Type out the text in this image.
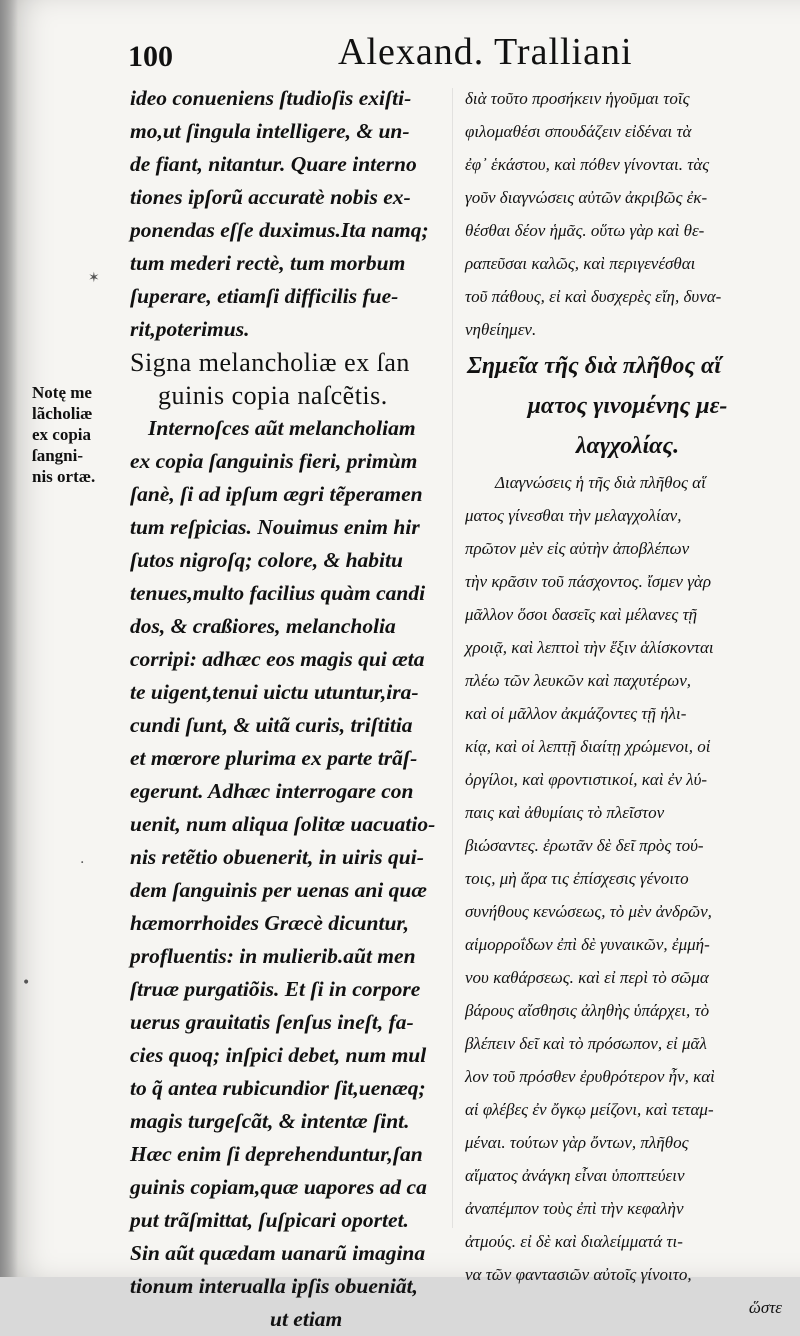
100	Alexand. Tralliani
Notę me
lãcholiæ
ex copia
ſangni-
nis ortæ.
ideo conueniens ſtudioſis exiſti-
mo,ut ſingula intelligere, & un-
de fiant, nitantur. Quare interno
tiones ipſorũ accuratè nobis ex-
ponendas eſſe duximus.Ita namq;
tum mederi rectè, tum morbum
ſuperare, etiamſi difficilis fue-
rit,poterimus.
Signa melancholiæ ex ſan
guinis copia naſcẽtis.
Internoſces aũt melancholiam
ex copia ſanguinis fieri, primùm
ſanè, ſi ad ipſum ægri tẽperamen
tum reſpicias. Nouimus enim hir
ſutos nigroſq; colore, & habitu
tenues,multo facilius quàm candi
dos, & craßiores, melancholia
corripi: adhæc eos magis qui æta
te uigent,tenui uictu utuntur,ira-
cundi ſunt, & uitã curis, triſtitia
et mœrore plurima ex parte trãſ-
egerunt. Adhæc interrogare con
uenit, num aliqua ſolitæ uacuatio-
nis retẽtio obuenerit, in uiris qui-
dem ſanguinis per uenas ani quæ
hæmorrhoides Græcè dicuntur,
profluentis: in mulierib.aũt men
ſtruæ purgatiõis. Et ſi in corpore
uerus grauitatis ſenſus ineſt, fa-
cies quoq; inſpici debet, num mul
to q̃ antea rubicundior ſit,uenæq;
magis turgeſcãt, & intentæ ſint.
Hæc enim ſi deprehenduntur,ſan
guinis copiam,quæ uapores ad ca
put trãſmittat, ſuſpicari oportet.
Sin aũt quædam uanarũ imagina
tionum interualla ipſis obueniãt,
ut etiam
διὰ τοῦτο προσήκειν ἡγοῦμαι τοῖς
φιλομαθέσι σπουδάζειν εἰδέναι τὰ
ἐφ᾽ ἑκάστου, καὶ πόθεν γίνονται. τὰς
γοῦν διαγνώσεις αὐτῶν ἀκριβῶς ἐκ-
θέσθαι δέον ἡμᾶς. οὕτω γὰρ καὶ θε-
ραπεῦσαι καλῶς, καὶ περιγενέσθαι
τοῦ πάθους, εἰ καὶ δυσχερὲς εἴη, δυνα-
νηθείημεν.
Σημεῖα τῆς διὰ πλῆθος αἵ
ματος γινομένης με-
λαγχολίας.
Διαγνώσεις ἡ τῆς διὰ πλῆθος αἵ
ματος γίνεσθαι τὴν μελαγχολίαν,
πρῶτον μὲν εἰς αὐτὴν ἀποβλέπων
τὴν κρᾶσιν τοῦ πάσχοντος. ἴσμεν γὰρ
μᾶλλον ὅσοι δασεῖς καὶ μέλανες τῇ
χροιᾷ, καὶ λεπτοὶ τὴν ἕξιν ἁλίσκονται
πλέω τῶν λευκῶν καὶ παχυτέρων,
καὶ οἱ μᾶλλον ἀκμάζοντες τῇ ἡλι-
κίᾳ, καὶ οἱ λεπτῇ διαίτῃ χρώμενοι, οἱ
ὀργίλοι, καὶ φροντιστικοί, καὶ ἐν λύ-
παις καὶ ἀθυμίαις τὸ πλεῖστον
βιώσαντες. ἐρωτᾶν δὲ δεῖ πρὸς τού-
τοις, μὴ ἄρα τις ἐπίσχεσις γένοιτο
συνήθους κενώσεως, τὸ μὲν ἀνδρῶν,
αἱμορροΐδων ἐπὶ δὲ γυναικῶν, ἐμμή-
νου καθάρσεως. καὶ εἰ περὶ τὸ σῶμα
βάρους αἴσθησις ἀληθὴς ὑπάρχει, τὸ
βλέπειν δεῖ καὶ τὸ πρόσωπον, εἰ μᾶλ
λον τοῦ πρόσθεν ἐρυθρότερον ἦν, καὶ
αἱ φλέβες ἐν ὄγκῳ μείζονι, καὶ τεταμ-
μέναι. τούτων γὰρ ὄντων, πλῆθος
αἵματος ἀνάγκη εἶναι ὑποπτεύειν
ἀναπέμπον τοὺς ἐπὶ τὴν κεφαλὴν
ἀτμούς. εἰ δὲ καὶ διαλείμματά τι-
να τῶν φαντασιῶν αὐτοῖς γίνοιτο,
ὥστε
✶
·
•
